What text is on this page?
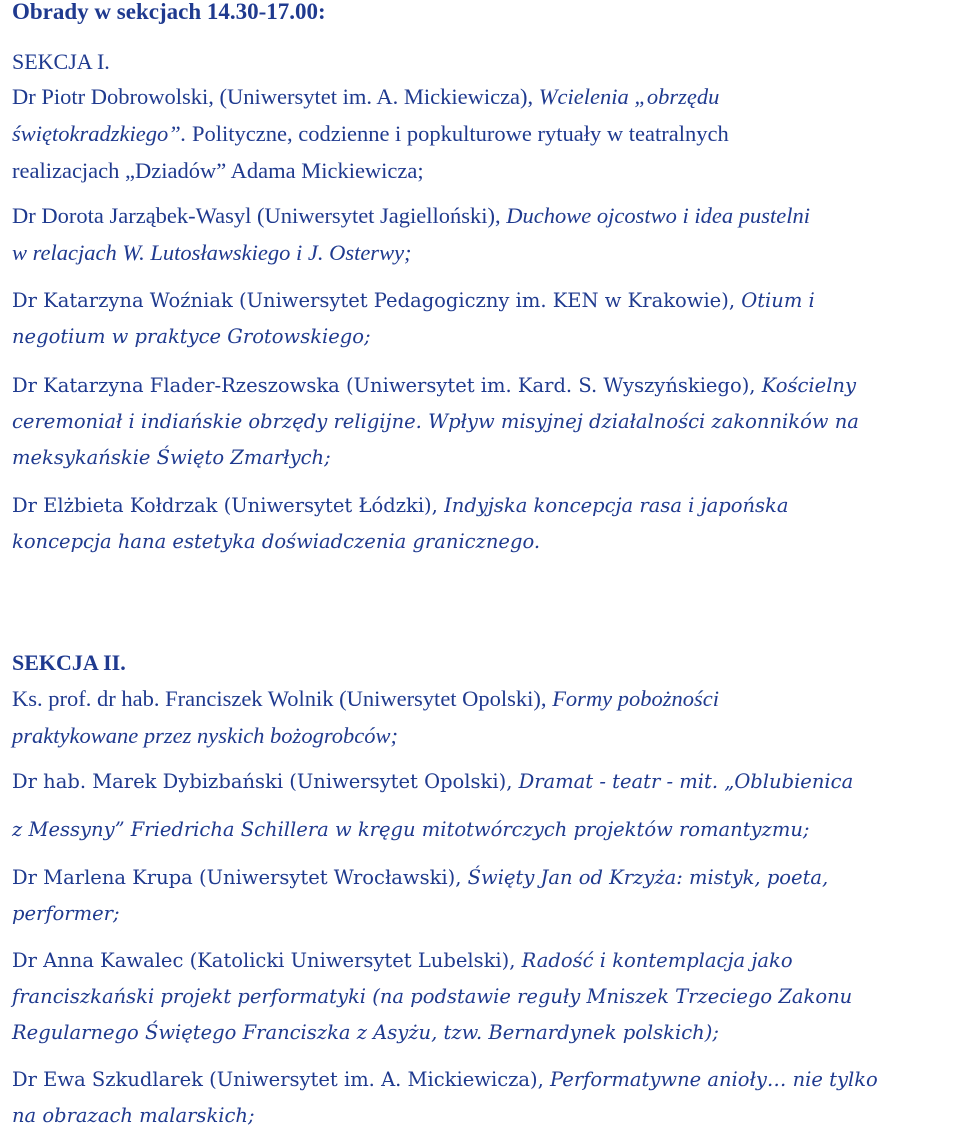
Obrady w sekcjach 14.30-17.00:
SEKCJA I.
Dr Piotr Dobrowolski, (Uniwersytet im. A. Mickiewicza), Wcielenia „obrzędu
świętokradzkiego”. Polityczne, codzienne i popkulturowe rytuały w teatralnych
realizacjach „Dziadów” Adama Mickiewicza;
Dr Dorota Jarząbek-Wasyl (Uniwersytet Jagielloński), Duchowe ojcostwo i idea pustelni
w relacjach W. Lutosławskiego i J. Osterwy;
Dr Katarzyna Woźniak (Uniwersytet Pedagogiczny im. KEN w Krakowie), Otium i
negotium w praktyce Grotowskiego;
Dr Katarzyna Flader-Rzeszowska (Uniwersytet im. Kard. S. Wyszyńskiego), Kościelny
ceremoniał i indiańskie obrzędy religijne. Wpływ misyjnej działalności zakonników na
meksykańskie Święto Zmarłych;
Dr Elżbieta Kołdrzak (Uniwersytet Łódzki), Indyjska koncepcja rasa i japońska
koncepcja hana estetyka doświadczenia granicznego.
SEKCJA II.
Ks. prof. dr hab. Franciszek Wolnik (Uniwersytet Opolski), Formy pobożności
praktykowane przez nyskich bożogrobców;
Dr hab. Marek Dybizbański (Uniwersytet Opolski), Dramat - teatr - mit. „Oblubienica
z Messyny” Friedricha Schillera w kręgu mitotwórczych projektów romantyzmu;
Dr Marlena Krupa (Uniwersytet Wrocławski), Święty Jan od Krzyża: mistyk, poeta,
performer;
Dr Anna Kawalec (Katolicki Uniwersytet Lubelski), Radość i kontemplacja jako
franciszkański projekt performatyki (na podstawie reguły Mniszek Trzeciego Zakonu
Regularnego Świętego Franciszka z Asyżu, tzw. Bernardynek polskich);
Dr Ewa Szkudlarek (Uniwersytet im. A. Mickiewicza), Performatywne anioły… nie tylko
na obrazach malarskich;
